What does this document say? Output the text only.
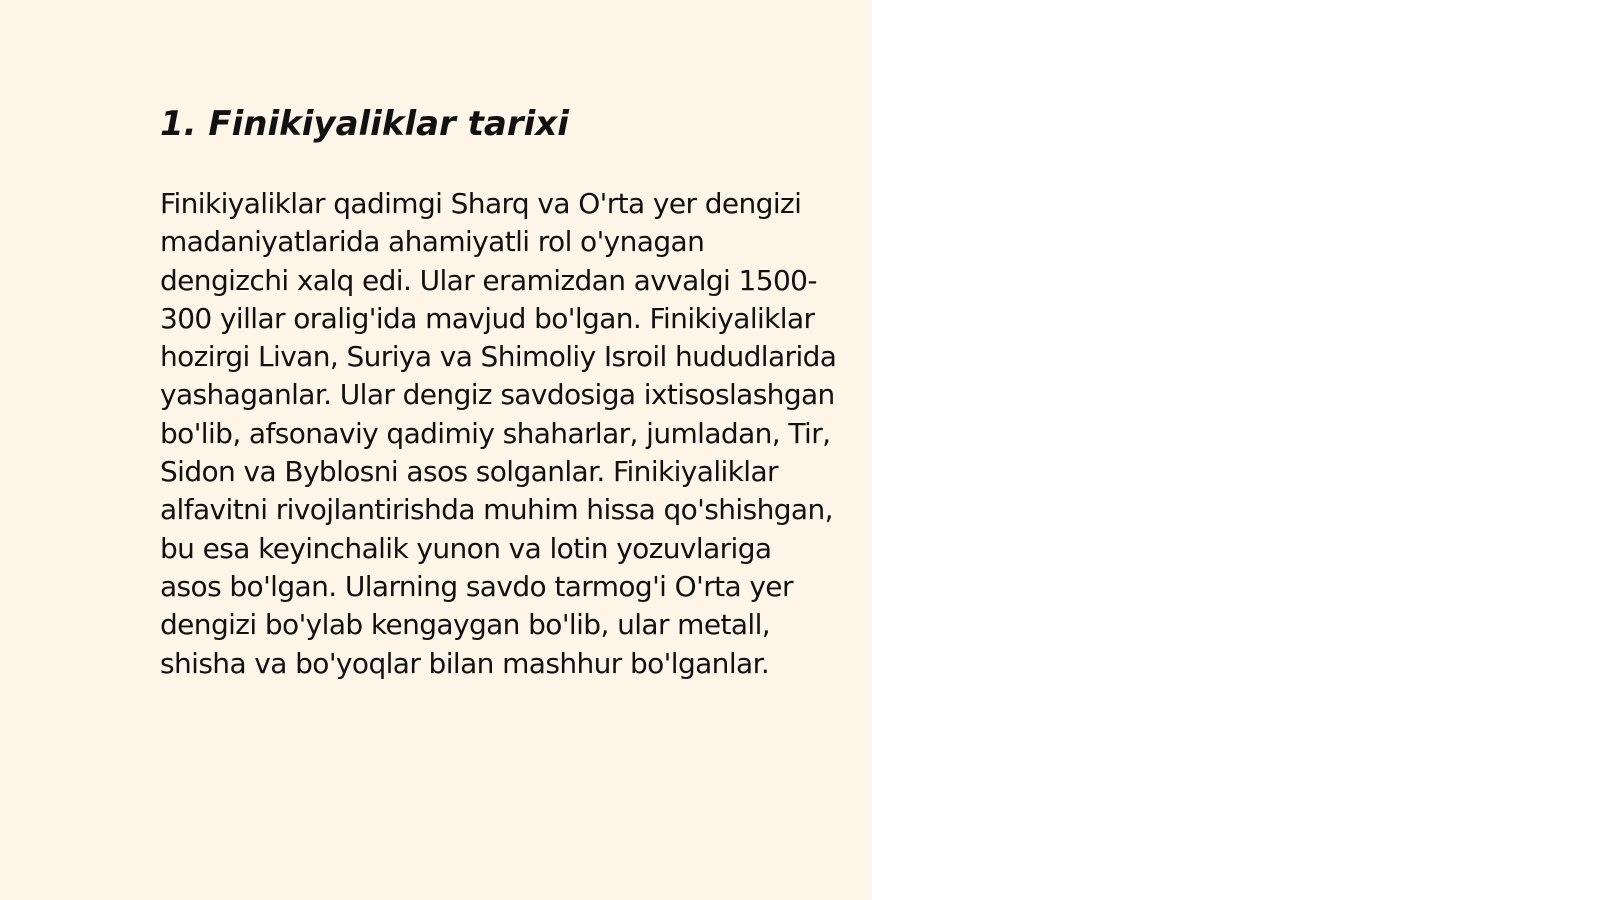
1. Finikiyaliklar tarixi

Finikiyaliklar qadimgi Sharq va O'rta yer dengizi madaniyatlarida ahamiyatli rol o'ynagan dengizchi xalq edi. Ular eramizdan avvalgi 1500-300 yillar oralig'ida mavjud bo'lgan. Finikiyaliklar hozirgi Livan, Suriya va Shimoliy Isroil hududlarida yashaganlar. Ular dengiz savdosiga ixtisoslashgan bo'lib, afsonaviy qadimiy shaharlar, jumladan, Tir, Sidon va Byblosni asos solganlar. Finikiyaliklar alfavitni rivojlantirishda muhim hissa qo'shishgan, bu esa keyinchalik yunon va lotin yozuvlariga asos bo'lgan. Ularning savdo tarmog'i O'rta yer dengizi bo'ylab kengaygan bo'lib, ular metall, shisha va bo'yoqlar bilan mashhur bo'lganlar.
